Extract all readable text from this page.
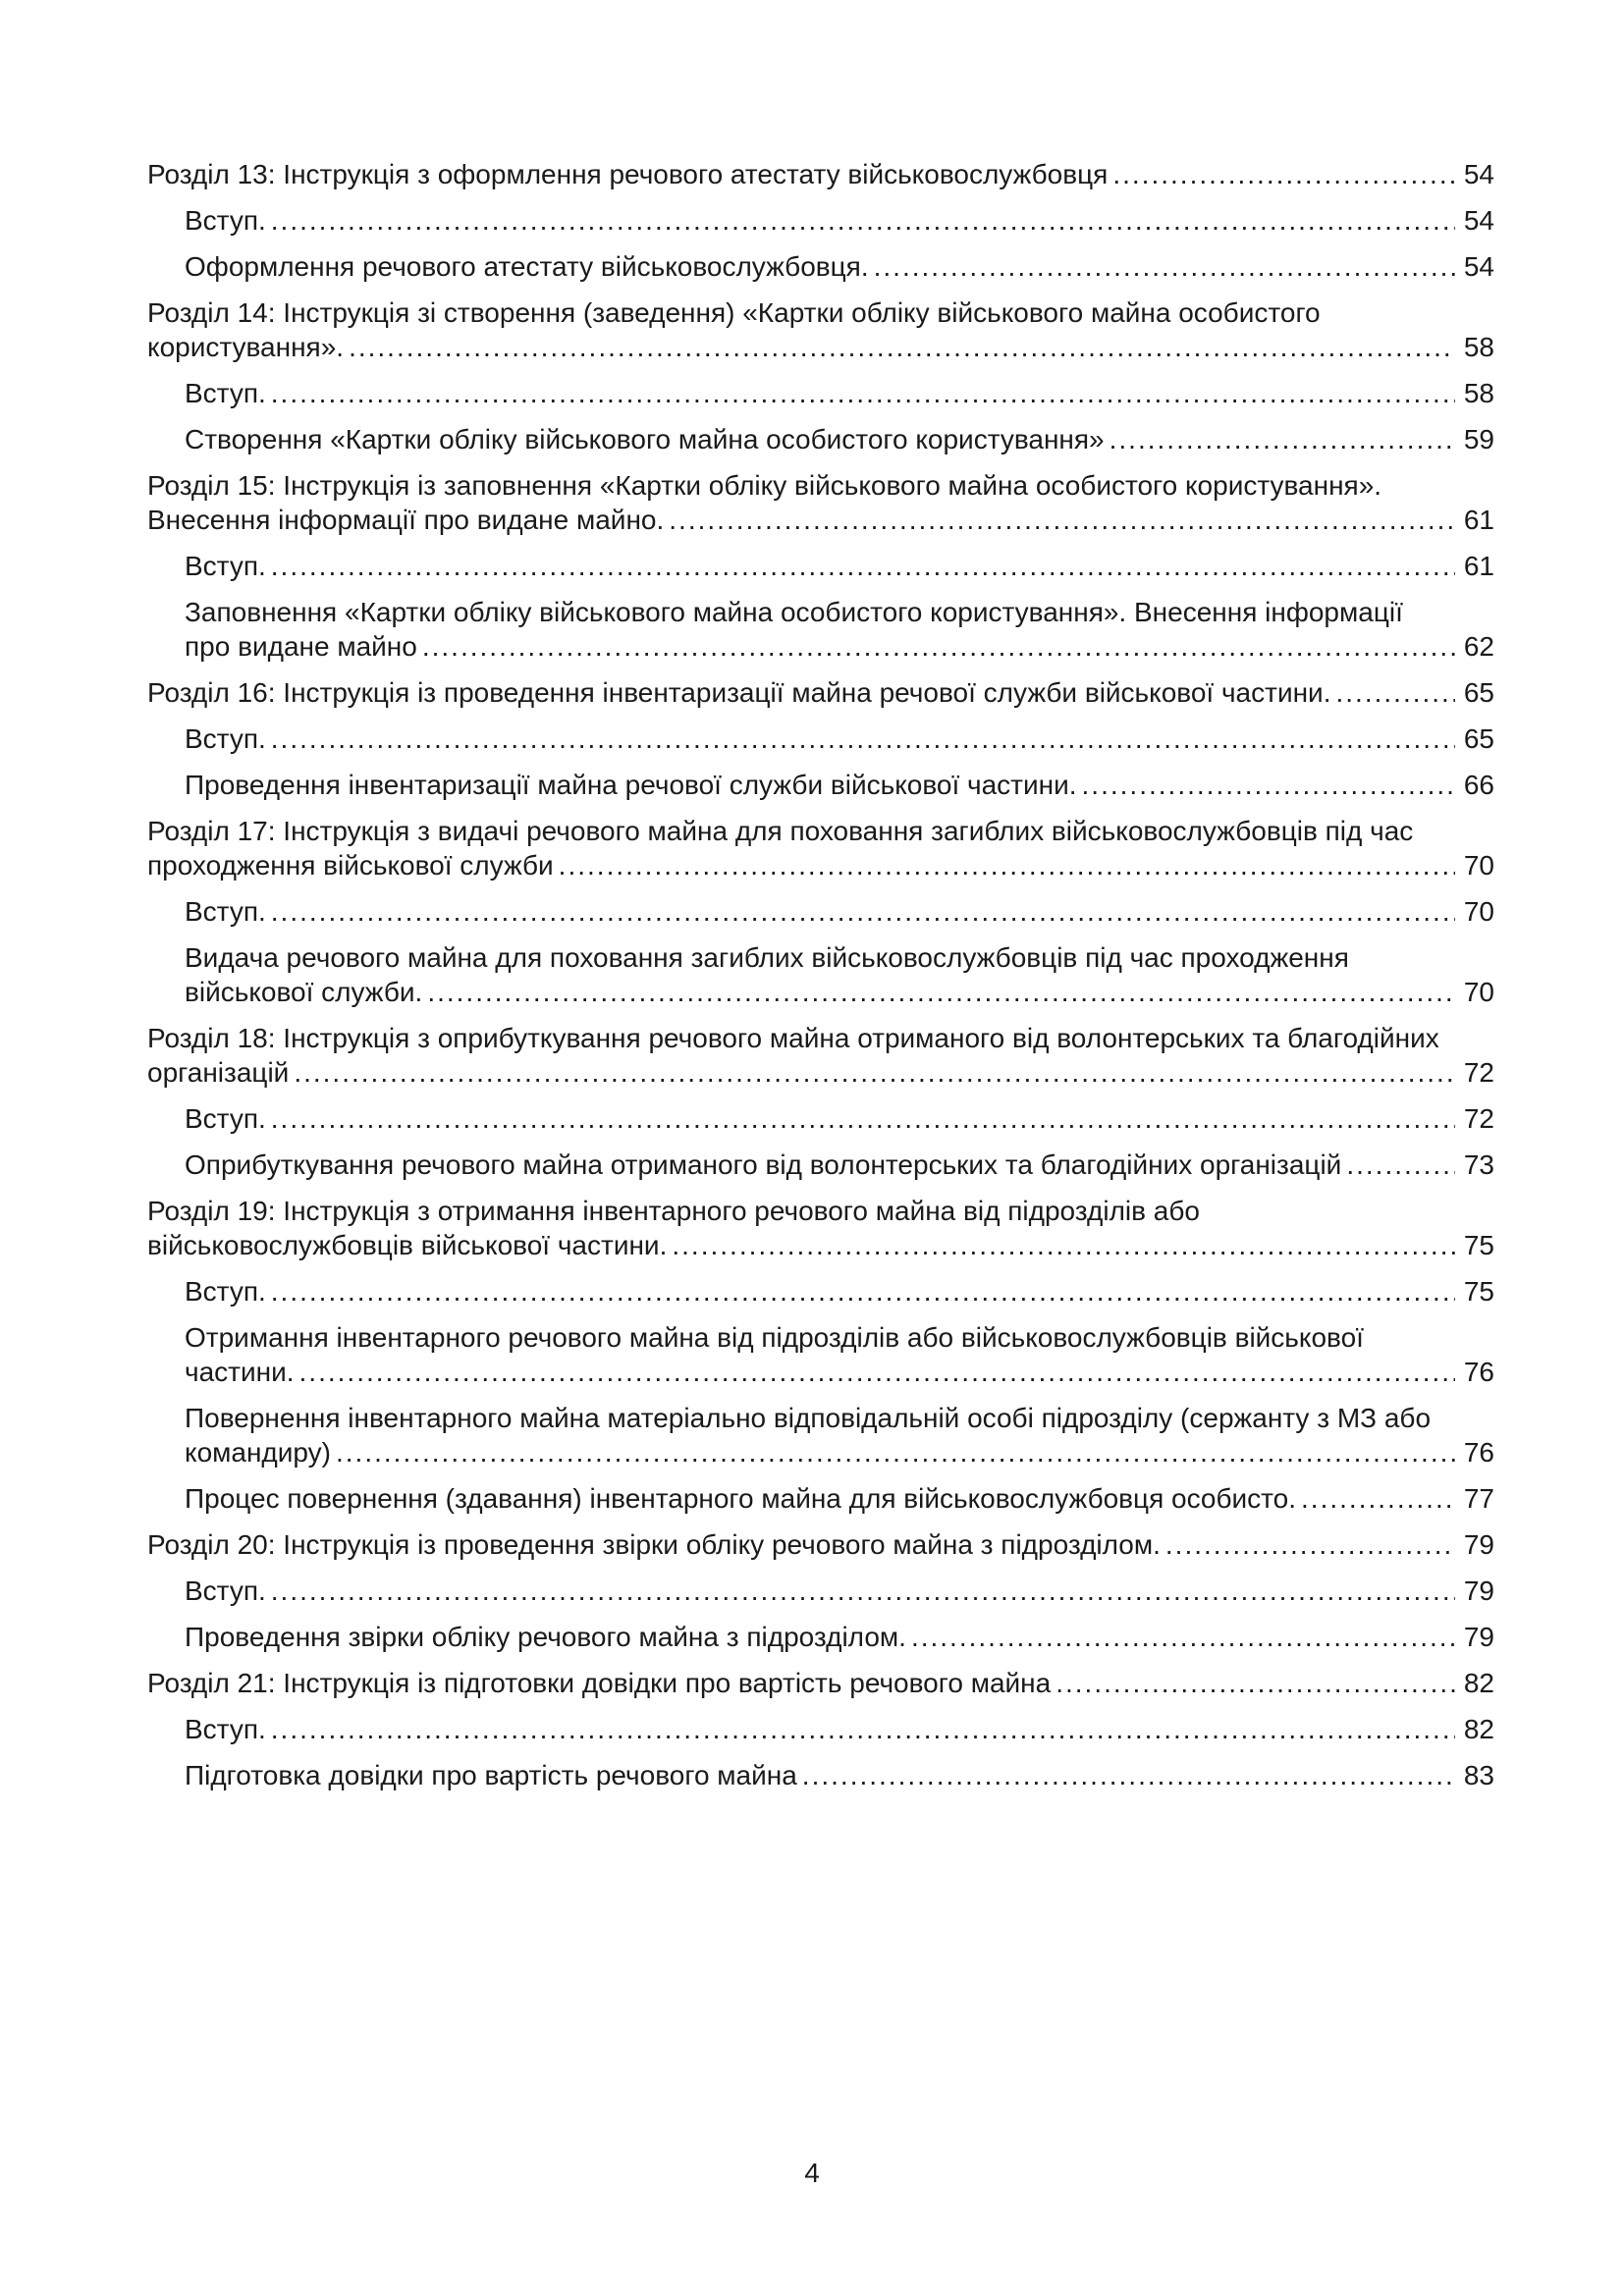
Розділ 13: Інструкція з оформлення речового атестату військовослужбовця .....	54
Вступ. .....	54
Оформлення речового атестату військовослужбовця. .....	54
Розділ 14: Інструкція зі створення (заведення) «Картки обліку військового майна особистого користування». .....	58
Вступ. .....	58
Створення «Картки обліку військового майна особистого користування» .....	59
Розділ 15: Інструкція із заповнення «Картки обліку військового майна особистого користування». Внесення інформації про видане майно. .....	61
Вступ. .....	61
Заповнення «Картки обліку військового майна особистого користування». Внесення інформації про видане майно .....	62
Розділ 16: Інструкція із проведення інвентаризації майна речової служби військової частини. .....	65
Вступ. .....	65
Проведення інвентаризації майна речової служби військової частини. .....	66
Розділ 17: Інструкція з видачі речового майна для поховання загиблих військовослужбовців під час проходження військової служби .....	70
Вступ. .....	70
Видача речового майна для поховання загиблих військовослужбовців під час проходження військової служби. .....	70
Розділ 18: Інструкція з оприбуткування речового майна отриманого від волонтерських та благодійних організацій .....	72
Вступ. .....	72
Оприбуткування речового майна отриманого від волонтерських та благодійних організацій .....	73
Розділ 19: Інструкція з отримання інвентарного речового майна від підрозділів або військовослужбовців військової частини. .....	75
Вступ. .....	75
Отримання інвентарного речового майна від підрозділів або військовослужбовців військової частини. .....	76
Повернення інвентарного майна матеріально відповідальній особі підрозділу (сержанту з МЗ або командиру) .....	76
Процес повернення (здавання) інвентарного майна для військовослужбовця особисто. .....	77
Розділ 20: Інструкція із проведення звірки обліку речового майна з підрозділом. .....	79
Вступ. .....	79
Проведення звірки обліку речового майна з підрозділом. .....	79
Розділ 21: Інструкція із підготовки довідки про вартість речового майна .....	82
Вступ. .....	82
Підготовка довідки про вартість речового майна .....	83
4
